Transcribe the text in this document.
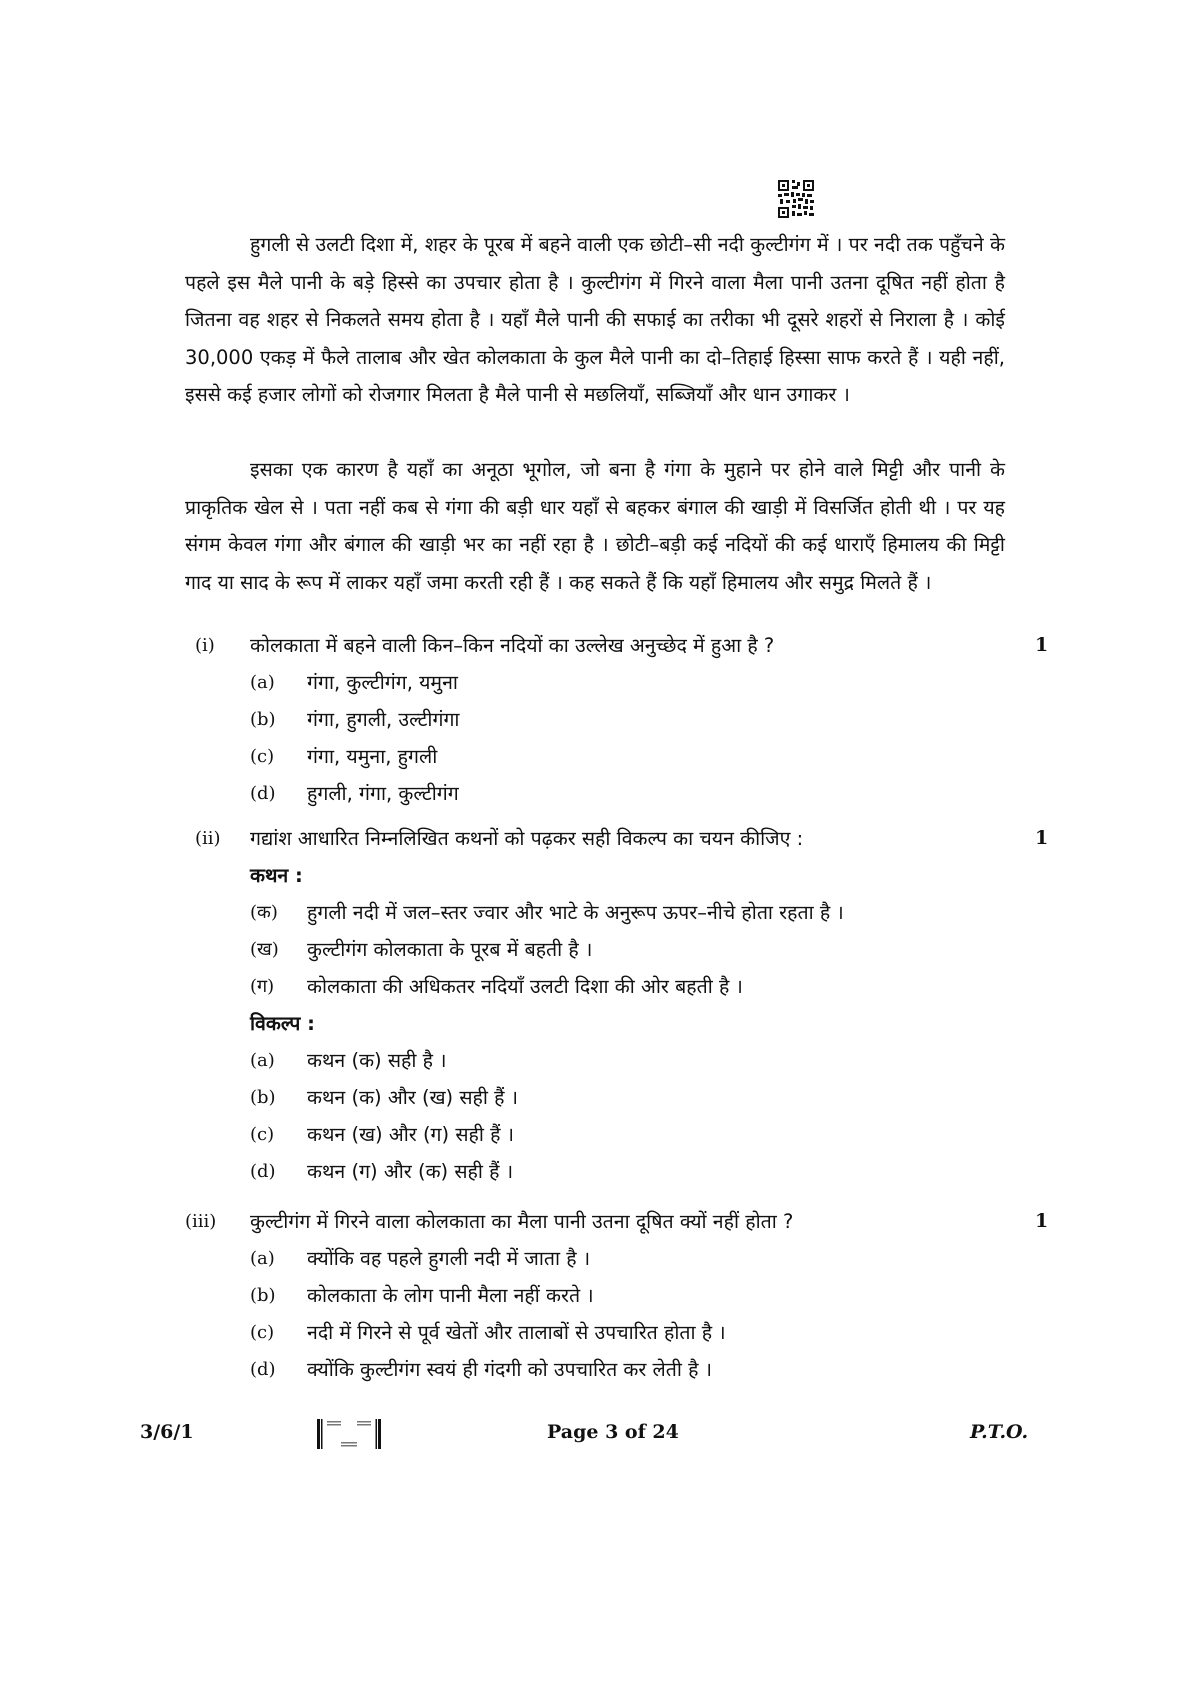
हुगली से उलटी दिशा में, शहर के पूरब में बहने वाली एक छोटी–सी नदी कुल्टीगंग में । पर नदी तक पहुँचने के पहले इस मैले पानी के बड़े हिस्से का उपचार होता है । कुल्टीगंग में गिरने वाला मैला पानी उतना दूषित नहीं होता है जितना वह शहर से निकलते समय होता है । यहाँ मैले पानी की सफाई का तरीका भी दूसरे शहरों से निराला है । कोई 30,000 एकड़ में फैले तालाब और खेत कोलकाता के कुल मैले पानी का दो–तिहाई हिस्सा साफ करते हैं । यही नहीं, इससे कई हजार लोगों को रोजगार मिलता है मैले पानी से मछलियाँ, सब्जियाँ और धान उगाकर ।

इसका एक कारण है यहाँ का अनूठा भूगोल, जो बना है गंगा के मुहाने पर होने वाले मिट्टी और पानी के प्राकृतिक खेल से । पता नहीं कब से गंगा की बड़ी धार यहाँ से बहकर बंगाल की खाड़ी में विसर्जित होती थी । पर यह संगम केवल गंगा और बंगाल की खाड़ी भर का नहीं रहा है । छोटी–बड़ी कई नदियों की कई धाराएँ हिमालय की मिट्टी गाद या साद के रूप में लाकर यहाँ जमा करती रही हैं । कह सकते हैं कि यहाँ हिमालय और समुद्र मिलते हैं ।

(i) कोलकाता में बहने वाली किन–किन नदियों का उल्लेख अनुच्छेद में हुआ है ?	1
(a) गंगा, कुल्टीगंग, यमुना
(b) गंगा, हुगली, उल्टीगंगा
(c) गंगा, यमुना, हुगली
(d) हुगली, गंगा, कुल्टीगंग
(ii) गद्यांश आधारित निम्नलिखित कथनों को पढ़कर सही विकल्प का चयन कीजिए :	1
कथन :
(क) हुगली नदी में जल–स्तर ज्वार और भाटे के अनुरूप ऊपर–नीचे होता रहता है ।
(ख) कुल्टीगंग कोलकाता के पूरब में बहती है ।
(ग) कोलकाता की अधिकतर नदियाँ उलटी दिशा की ओर बहती है ।
विकल्प :
(a) कथन (क) सही है ।
(b) कथन (क) और (ख) सही हैं ।
(c) कथन (ख) और (ग) सही हैं ।
(d) कथन (ग) और (क) सही हैं ।
(iii) कुल्टीगंग में गिरने वाला कोलकाता का मैला पानी उतना दूषित क्यों नहीं होता ?	1
(a) क्योंकि वह पहले हुगली नदी में जाता है ।
(b) कोलकाता के लोग पानी मैला नहीं करते ।
(c) नदी में गिरने से पूर्व खेतों और तालाबों से उपचारित होता है ।
(d) क्योंकि कुल्टीगंग स्वयं ही गंदगी को उपचारित कर लेती है ।
3/6/1	Page 3 of 24	P.T.O.
